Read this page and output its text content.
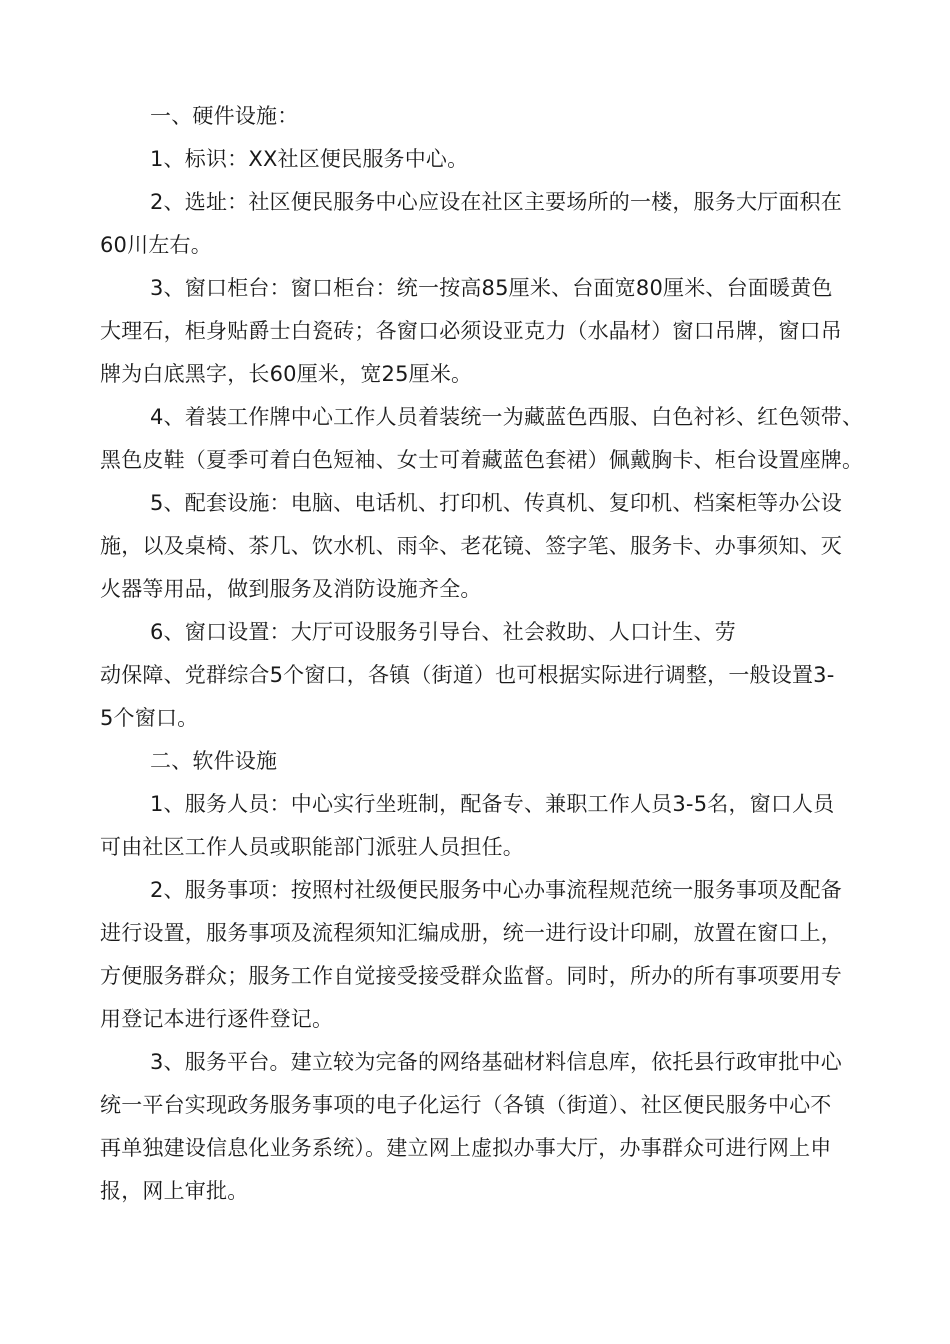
一、硬件设施：
1、标识：XX社区便民服务中心。
2、选址：社区便民服务中心应设在社区主要场所的一楼，服务大厅面积在
60川左右。
3、窗口柜台：窗口柜台：统一按高85厘米、台面宽80厘米、台面暖黄色
大理石，柜身贴爵士白瓷砖；各窗口必须设亚克力（水晶材）窗口吊牌，窗口吊
牌为白底黑字，长60厘米，宽25厘米。
4、着装工作牌中心工作人员着装统一为藏蓝色西服、白色衬衫、红色领带、
黑色皮鞋（夏季可着白色短袖、女士可着藏蓝色套裙）佩戴胸卡、柜台设置座牌。
5、配套设施：电脑、电话机、打印机、传真机、复印机、档案柜等办公设
施，以及桌椅、茶几、饮水机、雨伞、老花镜、签字笔、服务卡、办事须知、灭
火器等用品，做到服务及消防设施齐全。
6、窗口设置：大厅可设服务引导台、社会救助、人口计生、劳
动保障、党群综合5个窗口，各镇（街道）也可根据实际进行调整，一般设置3-
5个窗口。
二、软件设施
1、服务人员：中心实行坐班制，配备专、兼职工作人员3-5名，窗口人员
可由社区工作人员或职能部门派驻人员担任。
2、服务事项：按照村社级便民服务中心办事流程规范统一服务事项及配备
进行设置，服务事项及流程须知汇编成册，统一进行设计印刷，放置在窗口上，
方便服务群众；服务工作自觉接受接受群众监督。同时，所办的所有事项要用专
用登记本进行逐件登记。
3、服务平台。建立较为完备的网络基础材料信息库，依托县行政审批中心
统一平台实现政务服务事项的电子化运行（各镇（街道）、社区便民服务中心不
再单独建设信息化业务系统）。建立网上虚拟办事大厅，办事群众可进行网上申
报，网上审批。
